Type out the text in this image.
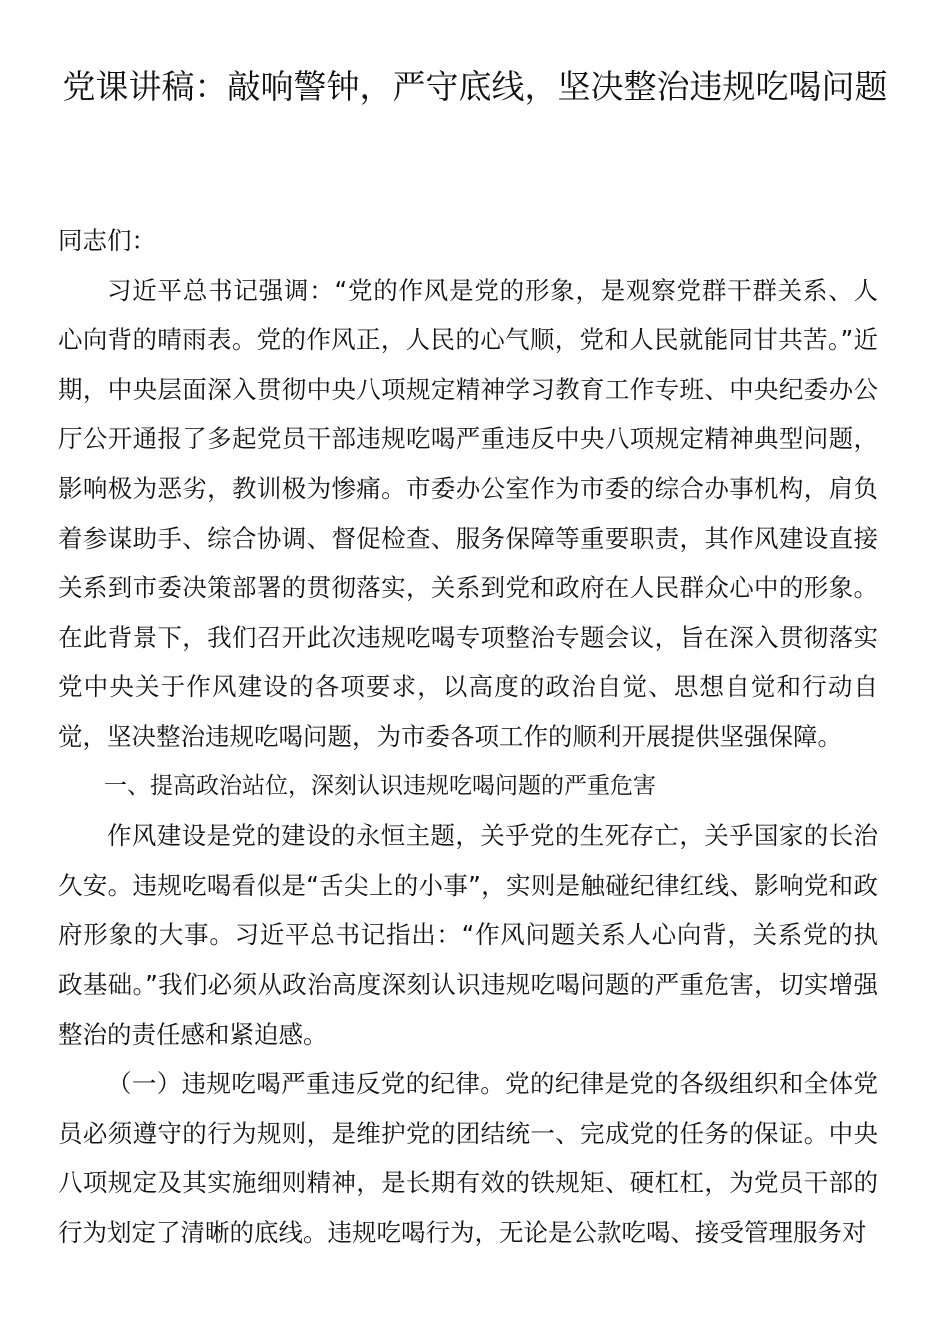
党课讲稿：敲响警钟，严守底线，坚决整治违规吃喝问题

同志们：

习近平总书记强调：“党的作风是党的形象，是观察党群干群关系、人心向背的晴雨表。党的作风正，人民的心气顺，党和人民就能同甘共苦。”近期，中央层面深入贯彻中央八项规定精神学习教育工作专班、中央纪委办公厅公开通报了多起党员干部违规吃喝严重违反中央八项规定精神典型问题，影响极为恶劣，教训极为惨痛。市委办公室作为市委的综合办事机构，肩负着参谋助手、综合协调、督促检查、服务保障等重要职责，其作风建设直接关系到市委决策部署的贯彻落实，关系到党和政府在人民群众心中的形象。在此背景下，我们召开此次违规吃喝专项整治专题会议，旨在深入贯彻落实党中央关于作风建设的各项要求，以高度的政治自觉、思想自觉和行动自觉，坚决整治违规吃喝问题，为市委各项工作的顺利开展提供坚强保障。

一、提高政治站位，深刻认识违规吃喝问题的严重危害

作风建设是党的建设的永恒主题，关乎党的生死存亡，关乎国家的长治久安。违规吃喝看似是“舌尖上的小事”，实则是触碰纪律红线、影响党和政府形象的大事。习近平总书记指出：“作风问题关系人心向背，关系党的执政基础。”我们必须从政治高度深刻认识违规吃喝问题的严重危害，切实增强整治的责任感和紧迫感。

（一）违规吃喝严重违反党的纪律。党的纪律是党的各级组织和全体党员必须遵守的行为规则，是维护党的团结统一、完成党的任务的保证。中央八项规定及其实施细则精神，是长期有效的铁规矩、硬杠杠，为党员干部的行为划定了清晰的底线。违规吃喝行为，无论是公款吃喝、接受管理服务对
